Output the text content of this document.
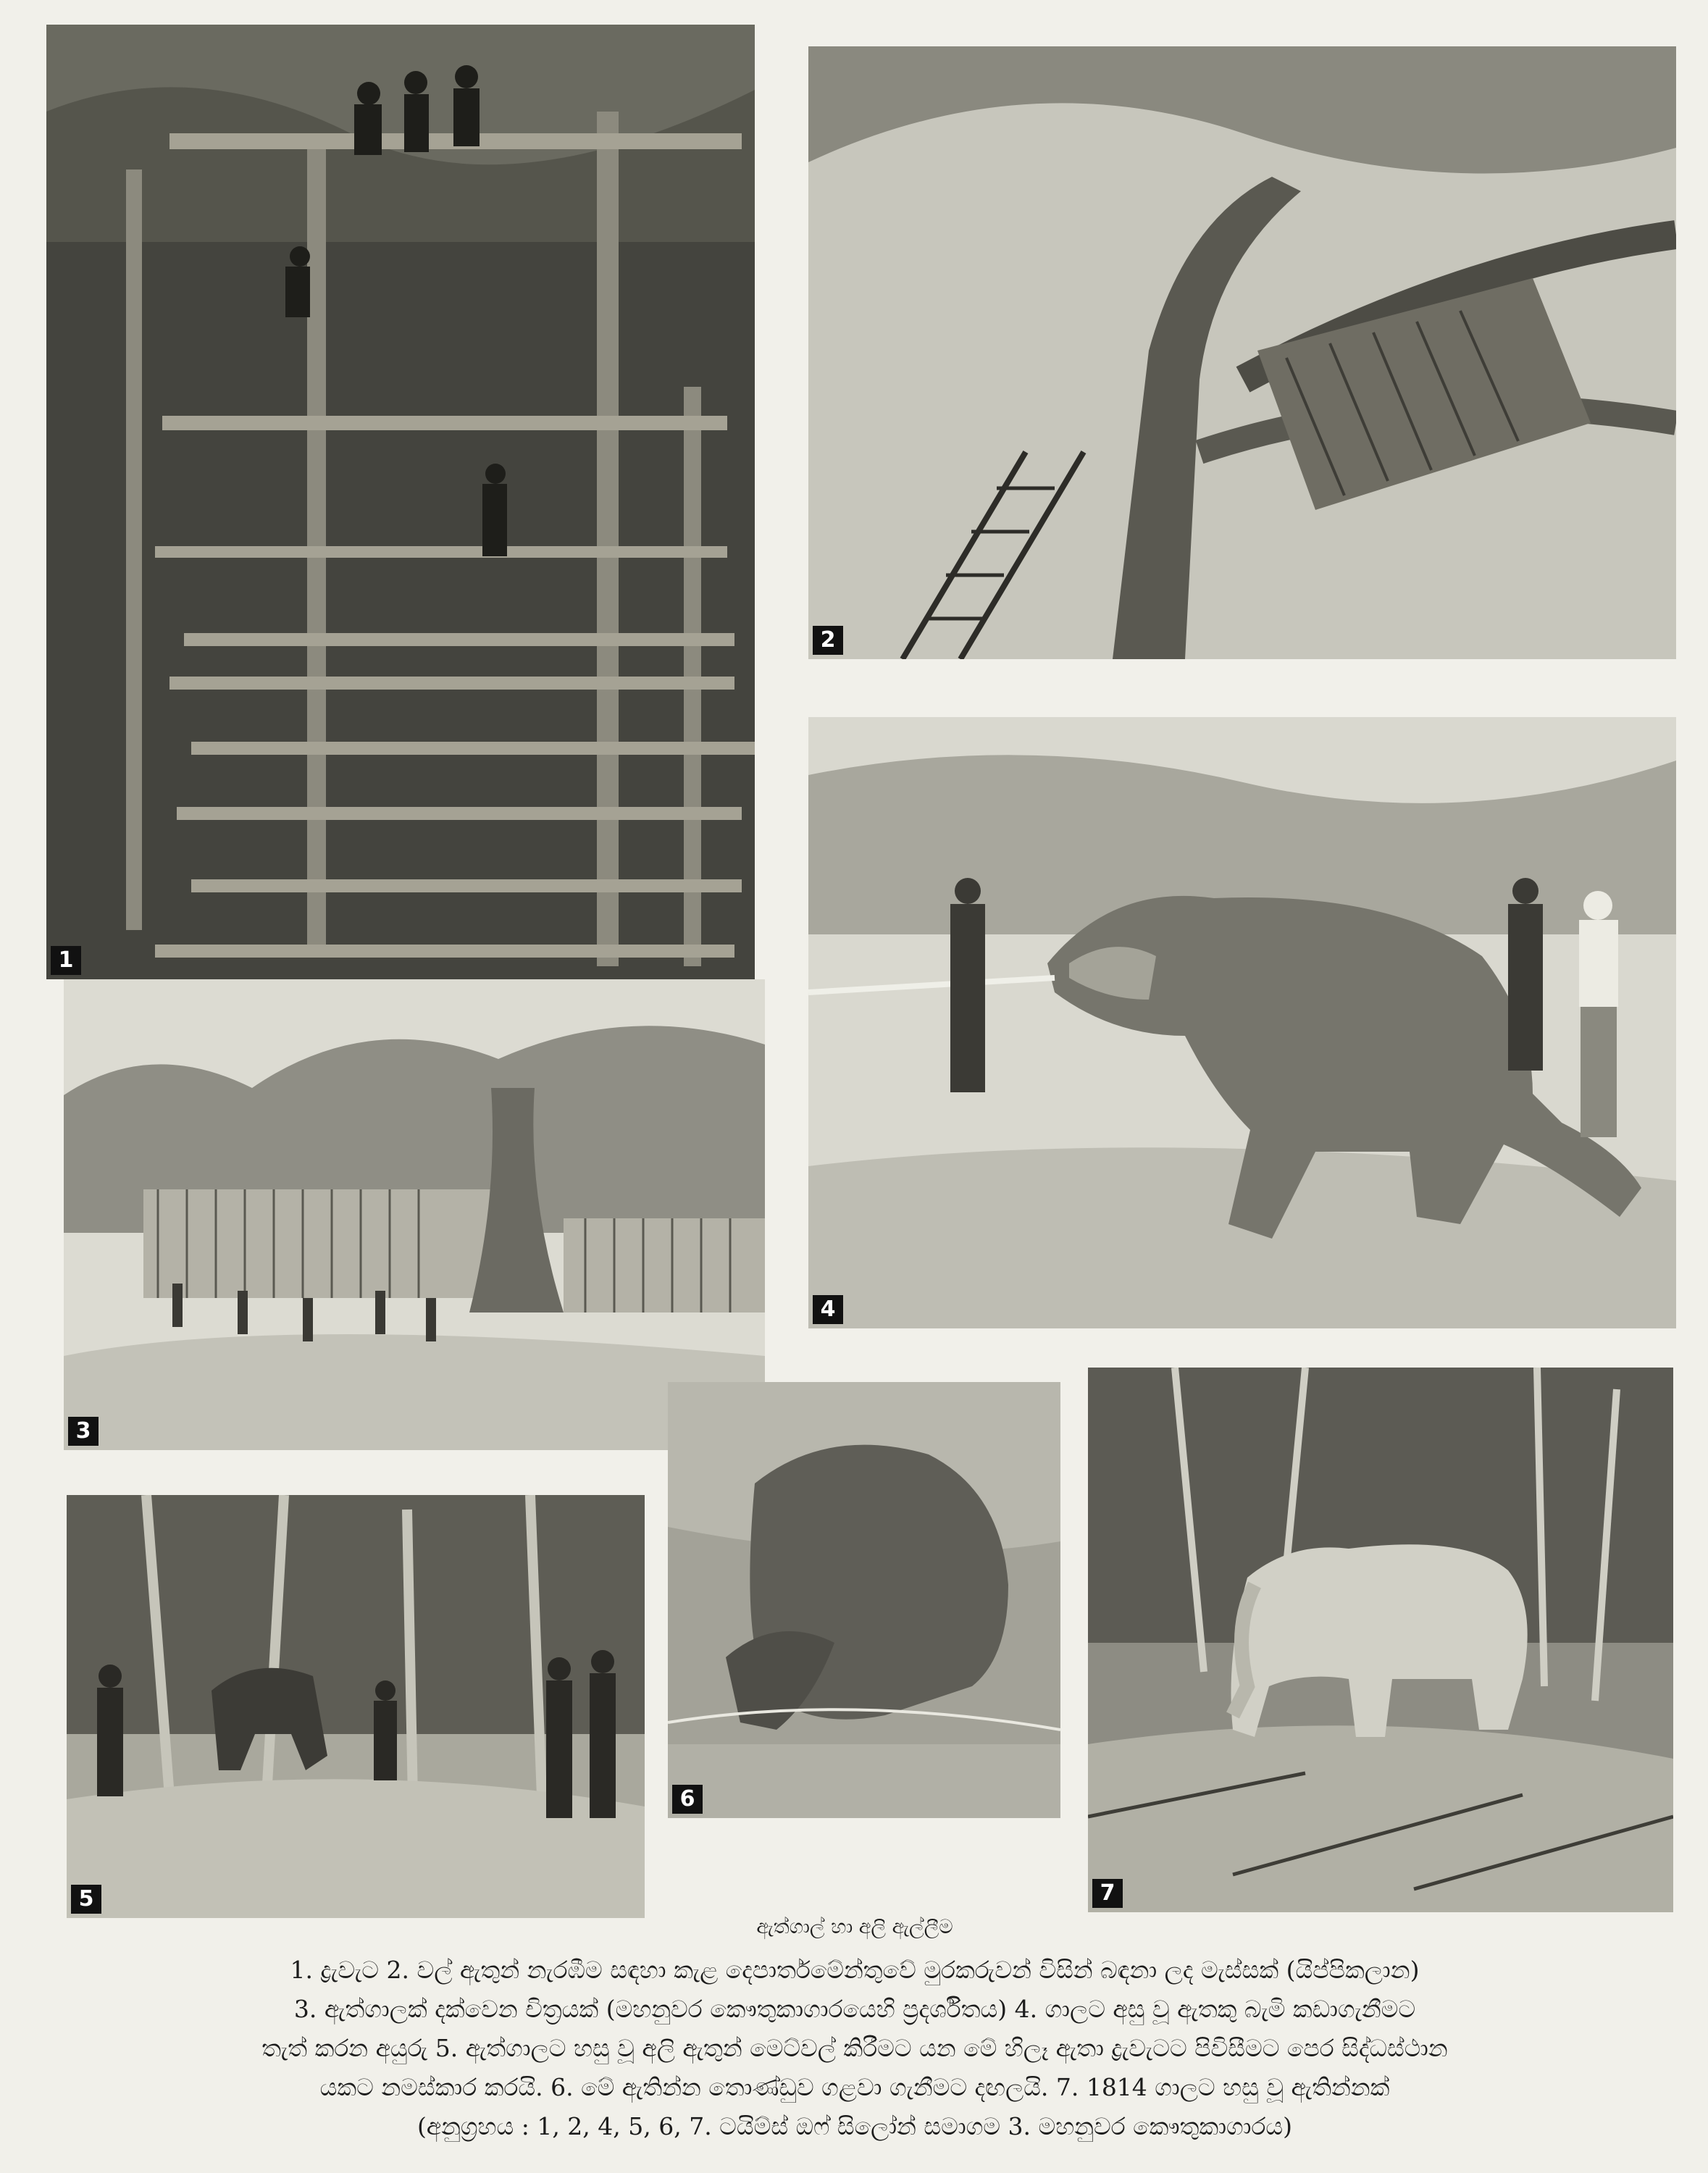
1
2
3
4
5
6
7
ඇත්ගාල් හා අලි ඇල්ලීම
1. ද්‍රැවැට 2. වල් ඇතුන් නැරඹීම සඳහා කැළ දෙපාර්තමේන්තුවේ මුරකරුවන් විසින් බඳනා ලද මැස්සක් (යිප්පිකලාන)
3. ඇත්ගාලක් දක්වෙන චිත්‍රයක් (මහනුවර කෞතුකාගාරයෙහි ප්‍රදර්ශිතය) 4. ගාලට අසු වූ ඇතකු බැමි කඩාගැනීමට
තැත් කරන අයුරු 5. ඇත්ගාලට හසු වූ අලි ඇතුන් මෙට්වල් කිරීමට යන මේ හිලෑ ඇතා ද්‍රැවැටට පිවිසීමට පෙර සිද්ධස්ථාන
යකට නමස්කාර කරයි. 6. මේ ඇතින්න තොණ්ඩුව ගළවා ගැනීමට දඟලයි. 7. 1814 ගාලට හසු වූ ඇතින්නක්
(අනුග්‍රහය : 1, 2, 4, 5, 6, 7. ටයිම්ස් ඔෆ් සිලෝන් සමාගම 3. මහනුවර කෞතුකාගාරය)
